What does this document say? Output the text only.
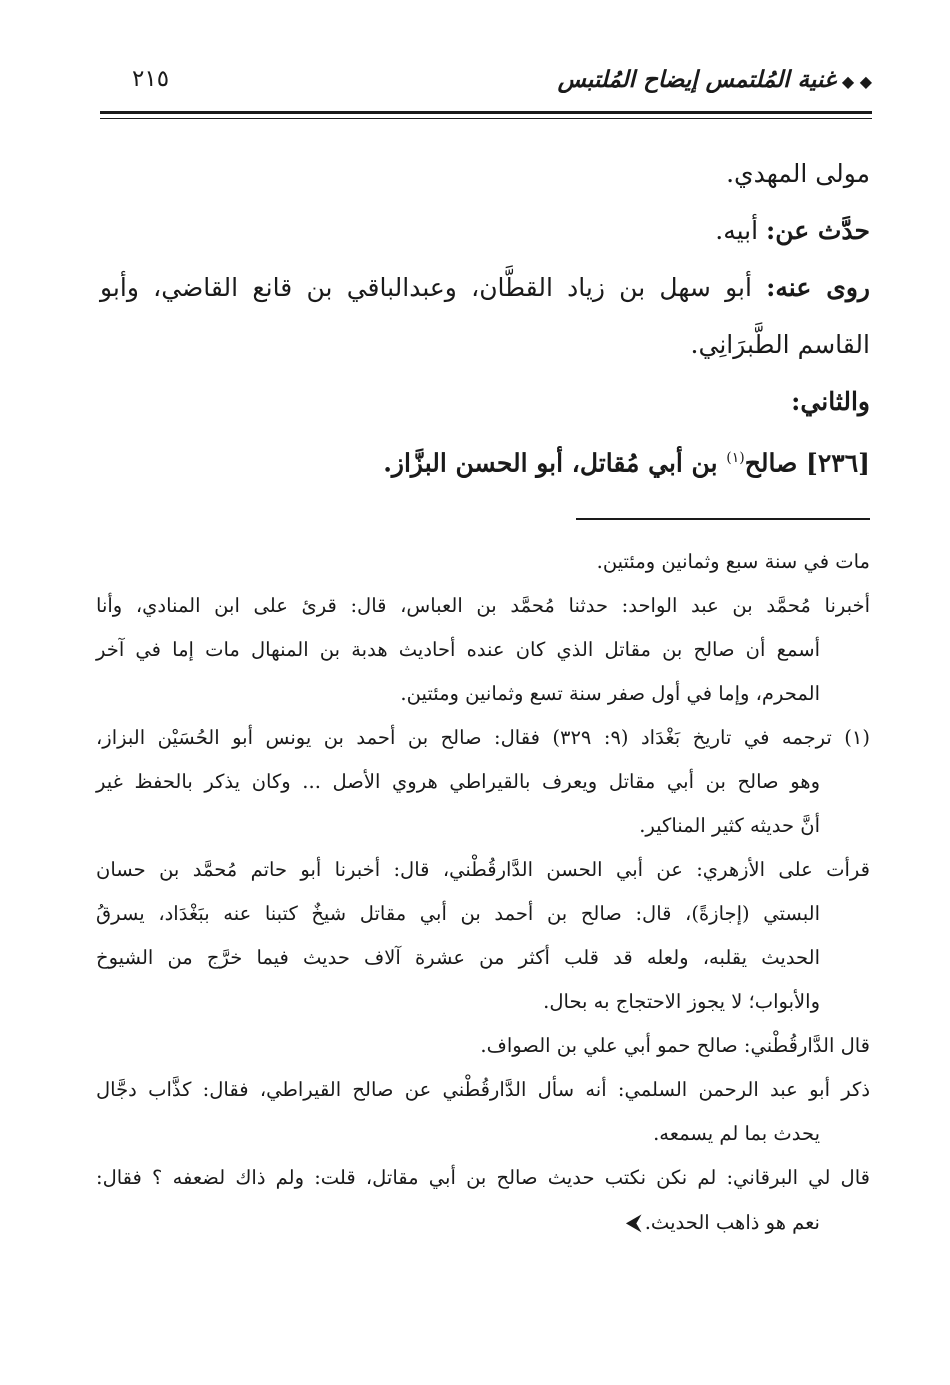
◆ ◆غنية المُلتمس إيضاح المُلتبس
٢١٥
مولى المهدي.
حدَّث عن: أبيه.
روى عنه: أبو سهل بن زياد القطَّان، وعبدالباقي بن قانع القاضي، وأبو
القاسم الطَّبرَانِي.
والثاني:
[٢٣٦] صالح$^{(١)}$ بن أبي مُقاتل، أبو الحسن البزَّاز.
مات في سنة سبع وثمانين ومئتين.
أخبرنا مُحمَّد بن عبد الواحد: حدثنا مُحمَّد بن العباس، قال: قرئ على ابن المنادي، وأنا
أسمع أن صالح بن مقاتل الذي كان عنده أحاديث هدبة بن المنهال مات إما في آخر
المحرم، وإما في أول صفر سنة تسع وثمانين ومئتين.
(١) ترجمه في تاريخ بَغْدَاد (٩: ٣٢٩) فقال: صالح بن أحمد بن يونس أبو الحُسَيْن البزاز،
وهو صالح بن أبي مقاتل ويعرف بالقيراطي هروي الأصل ... وكان يذكر بالحفظ غير
أنَّ حديثه كثير المناكير.
قرأت على الأزهري: عن أبي الحسن الدَّارقُطْني، قال: أخبرنا أبو حاتم مُحمَّد بن حسان
البستي (إجازةً)، قال: صالح بن أحمد بن أبي مقاتل شيخٌ كتبنا عنه ببَغْدَاد، يسرقُ
الحديث يقلبه، ولعله قد قلب أكثر من عشرة آلاف حديث فيما خرَّج من الشيوخ
والأبواب؛ لا يجوز الاحتجاج به بحال.
قال الدَّارقُطْني: صالح حمو أبي علي بن الصواف.
ذكر أبو عبد الرحمن السلمي: أنه سأل الدَّارقُطْني عن صالح القيراطي، فقال: كذَّاب دجَّال
يحدث بما لم يسمعه.
قال لي البرقاني: لم نكن نكتب حديث صالح بن أبي مقاتل، قلت: ولم ذاك لضعفه ؟ فقال:
نعم هو ذاهب الحديث.⮜
